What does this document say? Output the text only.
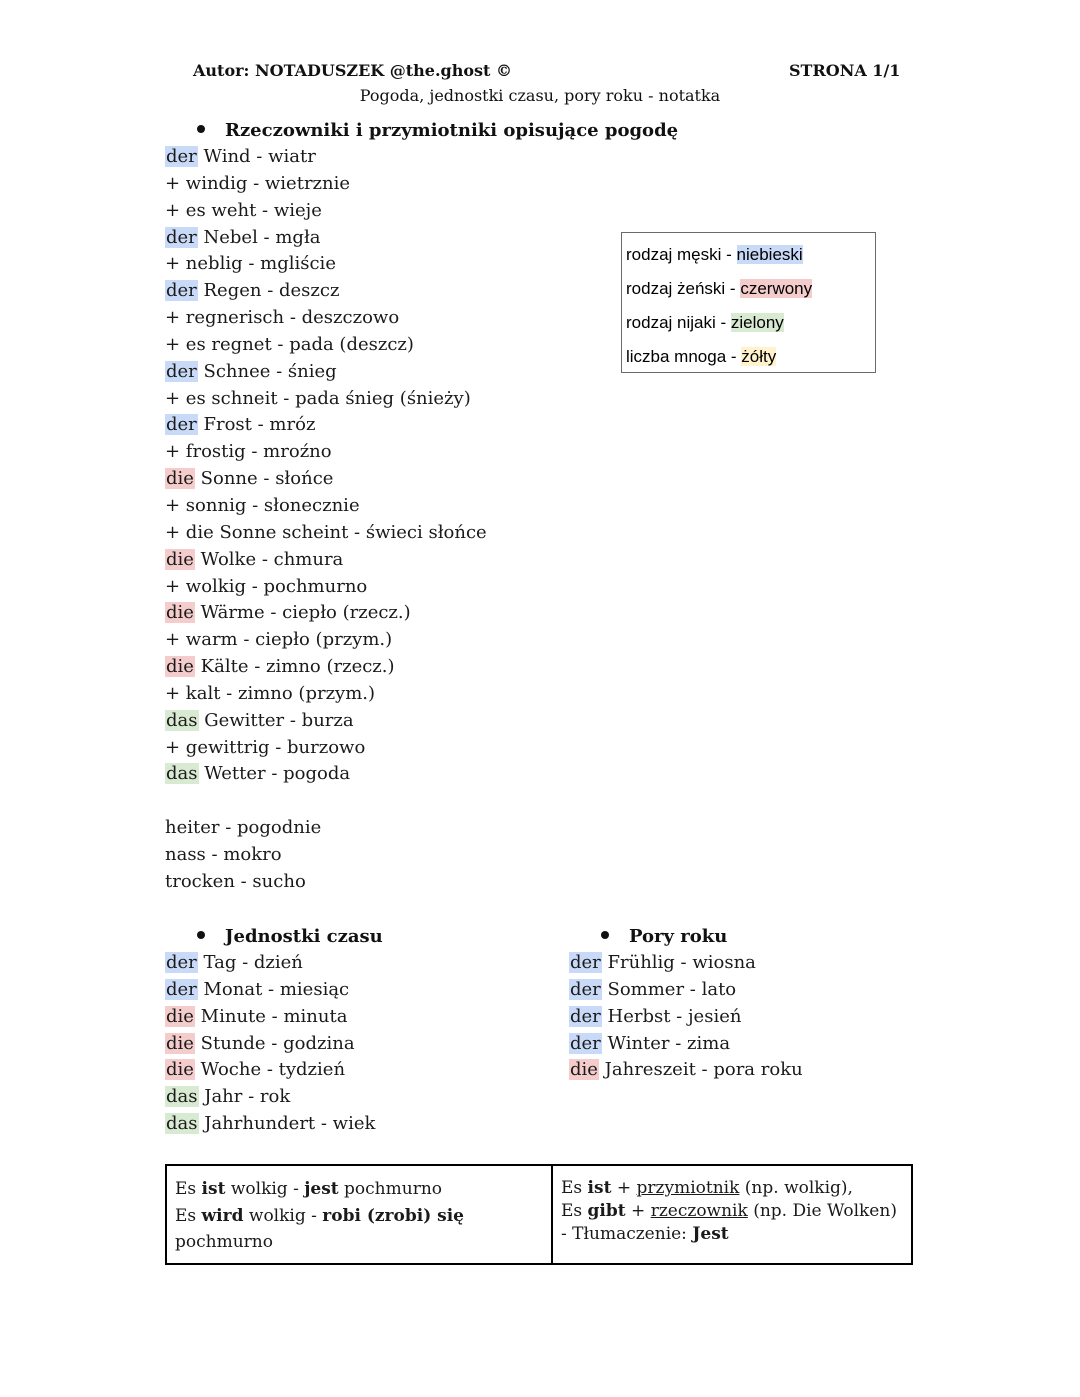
Autor: NOTADUSZEK @the.ghost ©	STRONA 1/1
Pogoda, jednostki czasu, pory roku - notatka
Rzeczowniki i przymiotniki opisujące pogodę
der Wind - wiatr
+ windig - wietrznie
+ es weht - wieje
der Nebel - mgła
+ neblig - mgliście
der Regen - deszcz
+ regnerisch - deszczowo
+ es regnet - pada (deszcz)
der Schnee - śnieg
+ es schneit - pada śnieg (śnieży)
der Frost - mróz
+ frostig - mroźno
die Sonne - słońce
+ sonnig - słonecznie
+ die Sonne scheint - świeci słońce
die Wolke - chmura
+ wolkig - pochmurno
die Wärme - ciepło (rzecz.)
+ warm - ciepło (przym.)
die Kälte - zimno (rzecz.)
+ kalt - zimno (przym.)
das Gewitter - burza
+ gewittrig - burzowo
das Wetter - pogoda
heiter - pogodnie
nass - mokro
trocken - sucho
rodzaj męski - niebieski
rodzaj żeński - czerwony
rodzaj nijaki - zielony
liczba mnoga - żółty
Jednostki czasu
der Tag - dzień
der Monat - miesiąc
die Minute - minuta
die Stunde - godzina
die Woche - tydzień
das Jahr - rok
das Jahrhundert - wiek
Pory roku
der Frühlig - wiosna
der Sommer - lato
der Herbst - jesień
der Winter - zima
die Jahreszeit - pora roku
Es ist wolkig - jest pochmurno
Es wird wolkig - robi (zrobi) się
pochmurno
Es ist + przymiotnik (np. wolkig),
Es gibt + rzeczownik (np. Die Wolken)
- Tłumaczenie: Jest
